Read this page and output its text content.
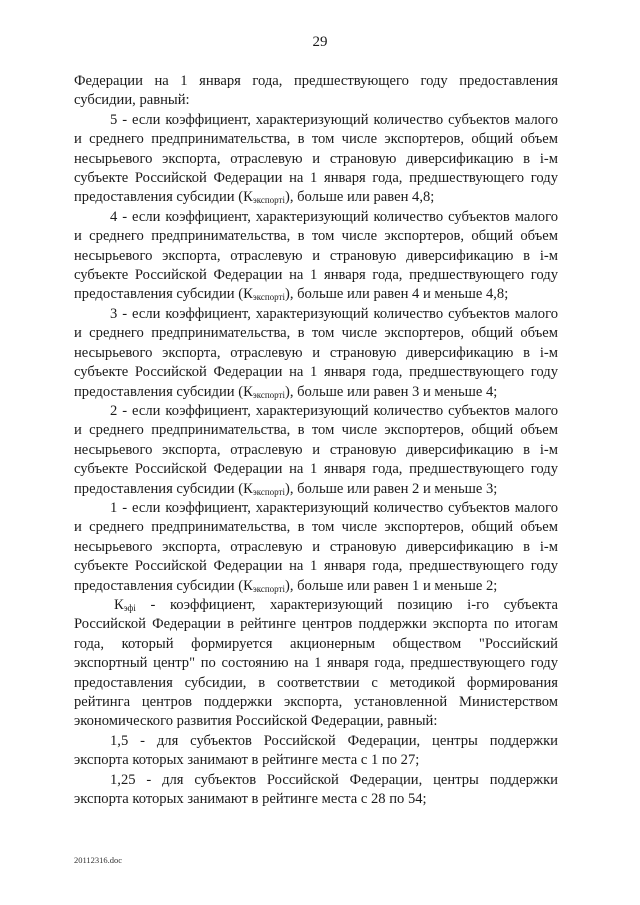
29

Федерации на 1 января года, предшествующего году предоставления субсидии, равный:

5 - если коэффициент, характеризующий количество субъектов малого и среднего предпринимательства, в том числе экспортеров, общий объем несырьевого экспорта, отраслевую и страновую диверсификацию в i-м субъекте Российской Федерации на 1 января года, предшествующего году предоставления субсидии $(К_{экспортi})$, больше или равен 4,8;

4 - если коэффициент, характеризующий количество субъектов малого и среднего предпринимательства, в том числе экспортеров, общий объем несырьевого экспорта, отраслевую и страновую диверсификацию в i-м субъекте Российской Федерации на 1 января года, предшествующего году предоставления субсидии $(К_{экспортi})$, больше или равен 4 и меньше 4,8;

3 - если коэффициент, характеризующий количество субъектов малого и среднего предпринимательства, в том числе экспортеров, общий объем несырьевого экспорта, отраслевую и страновую диверсификацию в i-м субъекте Российской Федерации на 1 января года, предшествующего году предоставления субсидии $(К_{экспортi})$, больше или равен 3 и меньше 4;

2 - если коэффициент, характеризующий количество субъектов малого и среднего предпринимательства, в том числе экспортеров, общий объем несырьевого экспорта, отраслевую и страновую диверсификацию в i-м субъекте Российской Федерации на 1 января года, предшествующего году предоставления субсидии $(К_{экспортi})$, больше или равен 2 и меньше 3;

1 - если коэффициент, характеризующий количество субъектов малого и среднего предпринимательства, в том числе экспортеров, общий объем несырьевого экспорта, отраслевую и страновую диверсификацию в i-м субъекте Российской Федерации на 1 января года, предшествующего году предоставления субсидии $(К_{экспортi})$, больше или равен 1 и меньше 2;

$К_{эфi}$ - коэффициент, характеризующий позицию i-го субъекта Российской Федерации в рейтинге центров поддержки экспорта по итогам года, который формируется акционерным обществом "Российский экспортный центр" по состоянию на 1 января года, предшествующего году предоставления субсидии, в соответствии с методикой формирования рейтинга центров поддержки экспорта, установленной Министерством экономического развития Российской Федерации, равный:

1,5 - для субъектов Российской Федерации, центры поддержки экспорта которых занимают в рейтинге места с 1 по 27;

1,25 - для субъектов Российской Федерации, центры поддержки экспорта которых занимают в рейтинге места с 28 по 54;

20112316.doc
